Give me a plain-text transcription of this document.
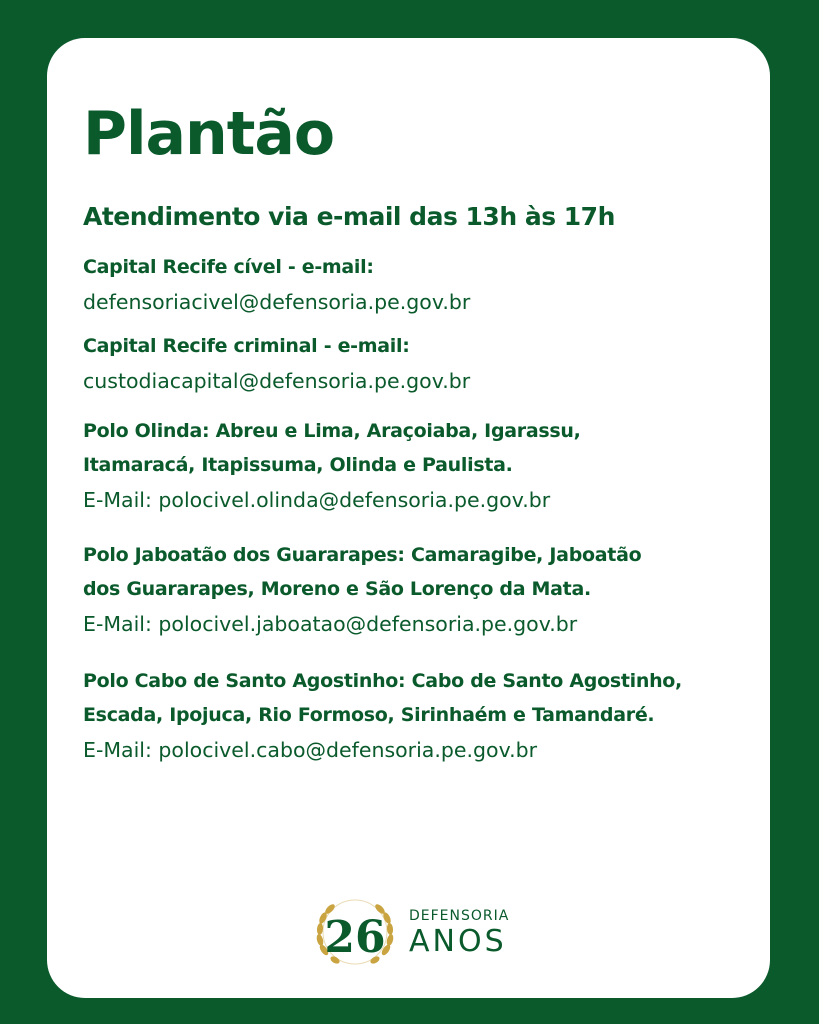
Plantão
Atendimento via e-mail das 13h às 17h
Capital Recife cível - e-mail:
defensoriacivel@defensoria.pe.gov.br
Capital Recife criminal - e-mail:
custodiacapital@defensoria.pe.gov.br
Polo Olinda: Abreu e Lima, Araçoiaba, Igarassu,
Itamaracá, Itapissuma, Olinda e Paulista.
E-Mail: polocivel.olinda@defensoria.pe.gov.br
Polo Jaboatão dos Guararapes: Camaragibe, Jaboatão
dos Guararapes, Moreno e São Lorenço da Mata.
E-Mail: polocivel.jaboatao@defensoria.pe.gov.br
Polo Cabo de Santo Agostinho: Cabo de Santo Agostinho,
Escada, Ipojuca, Rio Formoso, Sirinhaém e Tamandaré.
E-Mail: polocivel.cabo@defensoria.pe.gov.br
26 DEFENSORIA
ANOS
